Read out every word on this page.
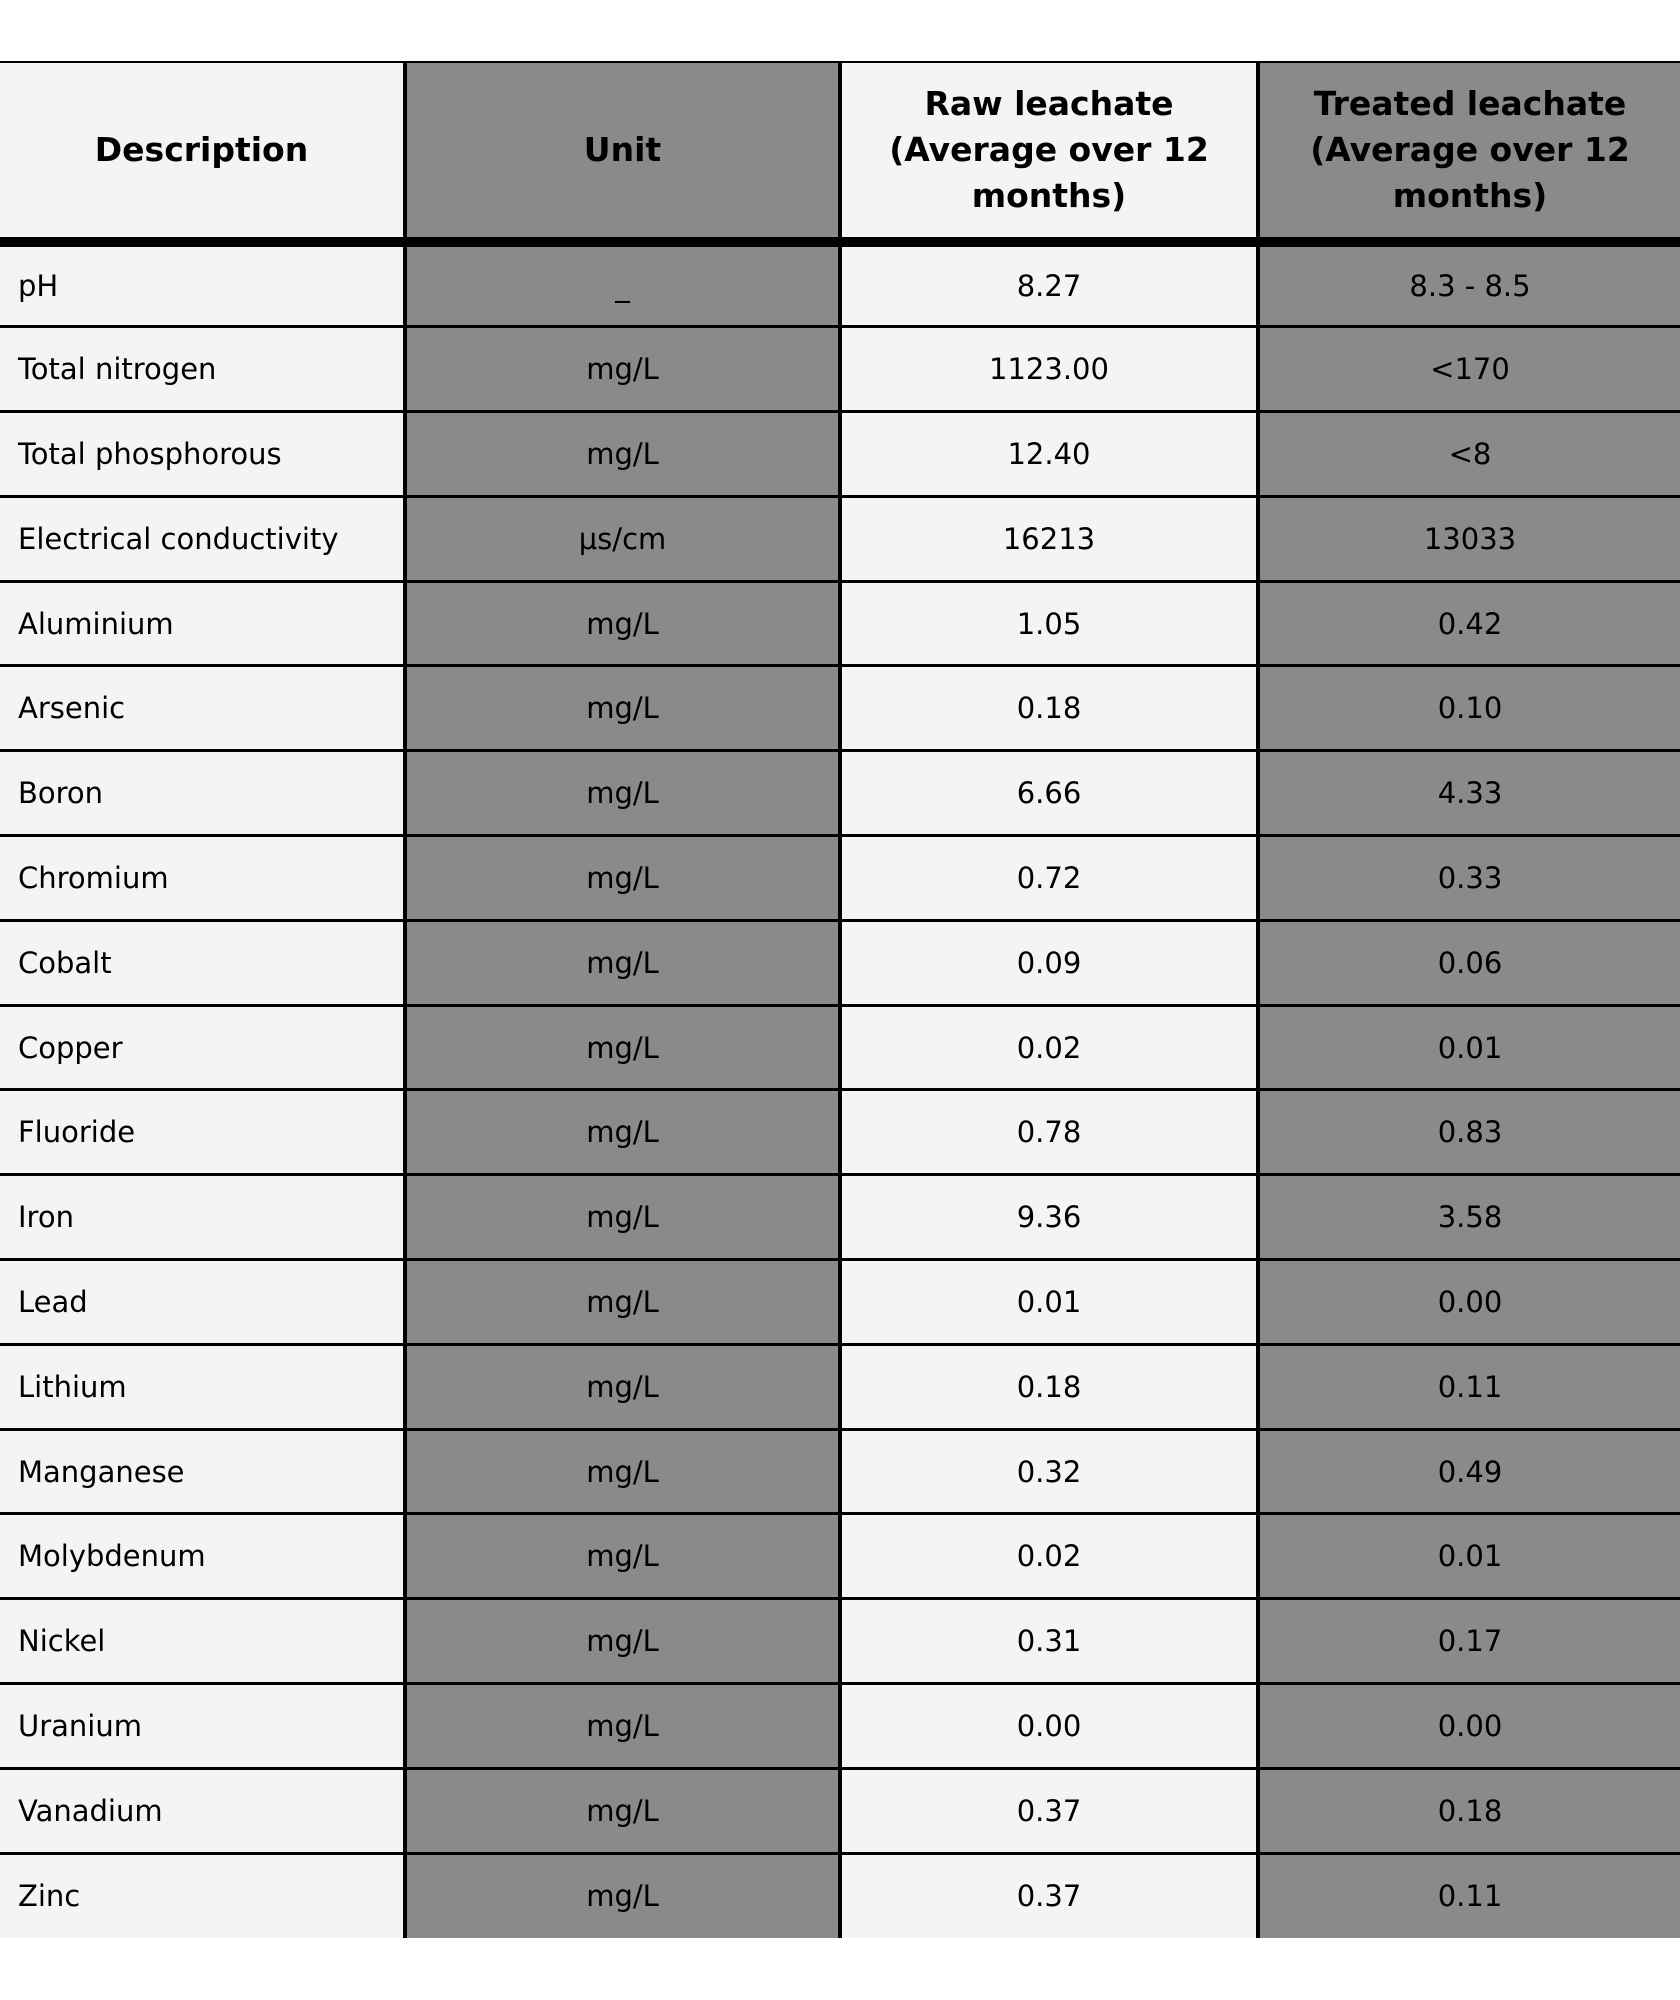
Description	Unit	Raw leachate (Average over 12 months)	Treated leachate (Average over 12 months)
pH	_	8.27	8.3 - 8.5
Total nitrogen	mg/L	1123.00	<170
Total phosphorous	mg/L	12.40	<8
Electrical conductivity	μs/cm	16213	13033
Aluminium	mg/L	1.05	0.42
Arsenic	mg/L	0.18	0.10
Boron	mg/L	6.66	4.33
Chromium	mg/L	0.72	0.33
Cobalt	mg/L	0.09	0.06
Copper	mg/L	0.02	0.01
Fluoride	mg/L	0.78	0.83
Iron	mg/L	9.36	3.58
Lead	mg/L	0.01	0.00
Lithium	mg/L	0.18	0.11
Manganese	mg/L	0.32	0.49
Molybdenum	mg/L	0.02	0.01
Nickel	mg/L	0.31	0.17
Uranium	mg/L	0.00	0.00
Vanadium	mg/L	0.37	0.18
Zinc	mg/L	0.37	0.11
